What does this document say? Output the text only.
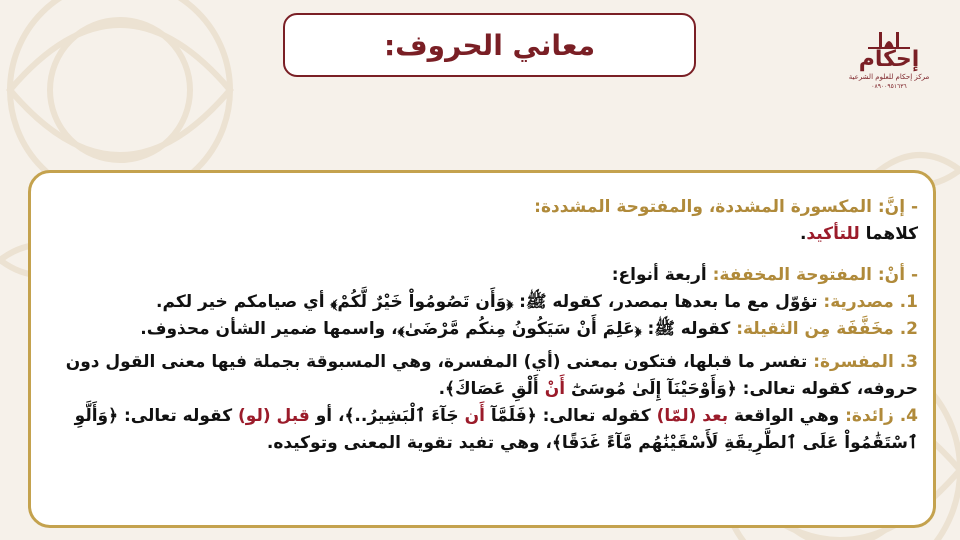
معاني الحروف:	إحكام
مركز إحكام للعلوم الشرعية
٠٨٩٠٠٩٥١٦٣٦

- إنَّ: المكسورة المشددة، والمفتوحة المشددة:

كلاهما للتأكيد.

- أنْ: المفتوحة المخففة: أربعة أنواع:

1. مصدرية: تؤوّل مع ما بعدها بمصدر، كقوله ﷺ: ﴿وَأَن تَصُومُواْ خَيْرٌ لَّكُمْ﴾ أي صيامكم خير لكم.

2. مخَفَّفَة مِن الثقيلة: كقوله ﷺ: ﴿عَلِمَ أَنْ سَيَكُونُ مِنكُم مَّرْضَىٰ﴾، واسمها ضمير الشأن محذوف.

3. المفسرة: تفسر ما قبلها، فتكون بمعنى (أي) المفسرة، وهي المسبوقة بجملة فيها معنى القول دون حروفه، كقوله تعالى: ﴿وَأَوْحَيْنَآ إِلَىٰ مُوسَىٰٓ أَنْ أَلْقِ عَصَاكَ﴾.

4. زائدة: وهي الواقعة بعد (لمّا) كقوله تعالى: ﴿فَلَمَّآ أَن جَآءَ ٱلْبَشِيرُ..﴾، أو قبل (لو) كقوله تعالى: ﴿وَأَلَّوِ ٱسْتَقَٰمُواْ عَلَى ٱلطَّرِيقَةِ لَأَسْقَيْنَٰهُم مَّآءً غَدَقًا﴾، وهي تفيد تقوية المعنى وتوكيده.
